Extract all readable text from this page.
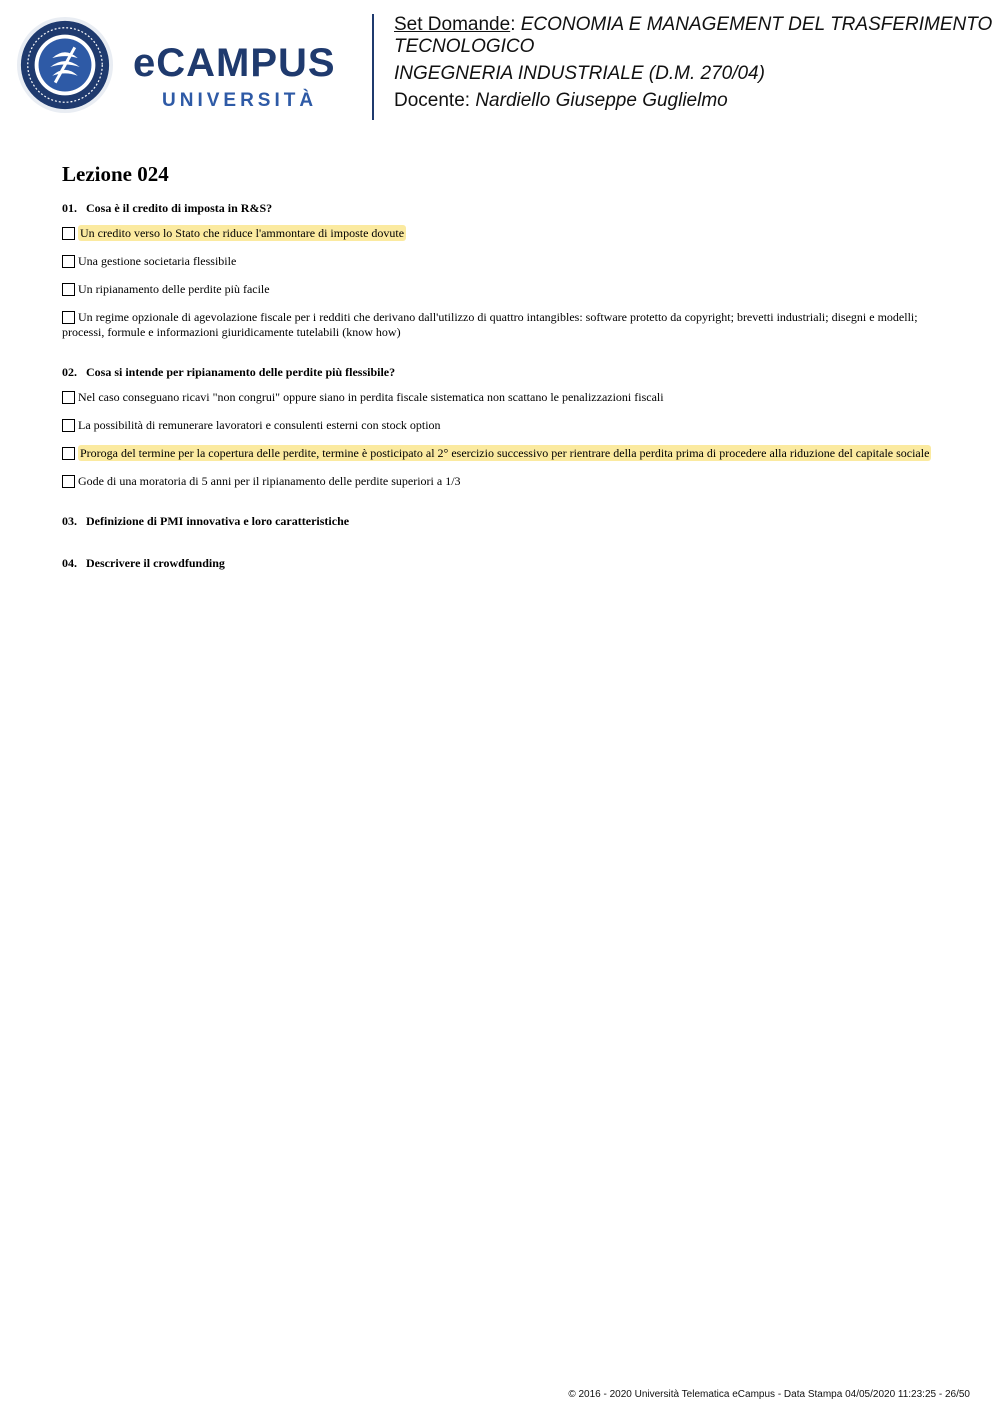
eCAMPUS
UNIVERSITÀ

Set Domande: ECONOMIA E MANAGEMENT DEL TRASFERIMENTO TECNOLOGICO

INGEGNERIA INDUSTRIALE (D.M. 270/04)

Docente: Nardiello Giuseppe Guglielmo

Lezione 024

01. Cosa è il credito di imposta in R&S?

Un credito verso lo Stato che riduce l'ammontare di imposte dovute

Una gestione societaria flessibile

Un ripianamento delle perdite più facile

Un regime opzionale di agevolazione fiscale per i redditi che derivano dall'utilizzo di quattro intangibles: software protetto da copyright; brevetti industriali; disegni e modelli; processi, formule e informazioni giuridicamente tutelabili (know how)

02. Cosa si intende per ripianamento delle perdite più flessibile?

Nel caso conseguano ricavi "non congrui" oppure siano in perdita fiscale sistematica non scattano le penalizzazioni fiscali

La possibilità di remunerare lavoratori e consulenti esterni con stock option

Proroga del termine per la copertura delle perdite, termine è posticipato al 2° esercizio successivo per rientrare della perdita prima di procedere alla riduzione del capitale sociale

Gode di una moratoria di 5 anni per il ripianamento delle perdite superiori a 1/3

03. Definizione di PMI innovativa e loro caratteristiche

04. Descrivere il crowdfunding

© 2016 - 2020 Università Telematica eCampus - Data Stampa 04/05/2020 11:23:25 - 26/50
